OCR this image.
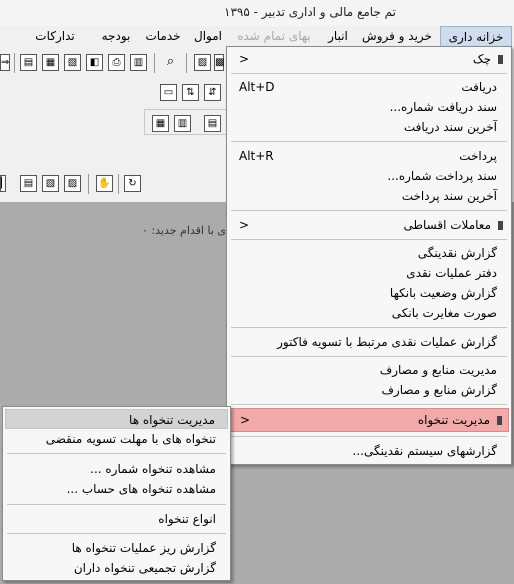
تم جامع مالی و اداری تدبیر - ۱۳۹۵
خزانه داری
خرید و فروش
انبار
بهای تمام شده
اموال
خدمات
بودجه
تدارکات
⇒	▤	▦	▧	◧	⎙	▥	⌕	▨ ▩
▭	⇅	⇵
▦	▥	▤
▏	▤	▧	▨	✋	↻
ی با اقدام جدید: ۰
چک
>
دریافت
Alt+D
سند دریافت شماره...
آخرین سند دریافت
پرداخت
Alt+R
سند پرداخت شماره...
آخرین سند پرداخت
معاملات اقساطی
>
گزارش نقدینگی
دفتر عملیات نقدی
گزارش وضعیت بانکها
صورت مغایرت بانکی
گزارش عملیات نقدی مرتبط با تسویه فاکتور
مدیریت منابع و مصارف
گزارش منابع و مصارف
مدیریت تنخواه
>
گزارشهای سیستم نقدینگی...
مدیریت تنخواه ها
تنخواه های با مهلت تسویه منقضی
مشاهده تنخواه شماره ...
مشاهده تنخواه های حساب ...
انواع تنخواه
گزارش ریز عملیات تنخواه ها
گزارش تجمیعی تنخواه داران
